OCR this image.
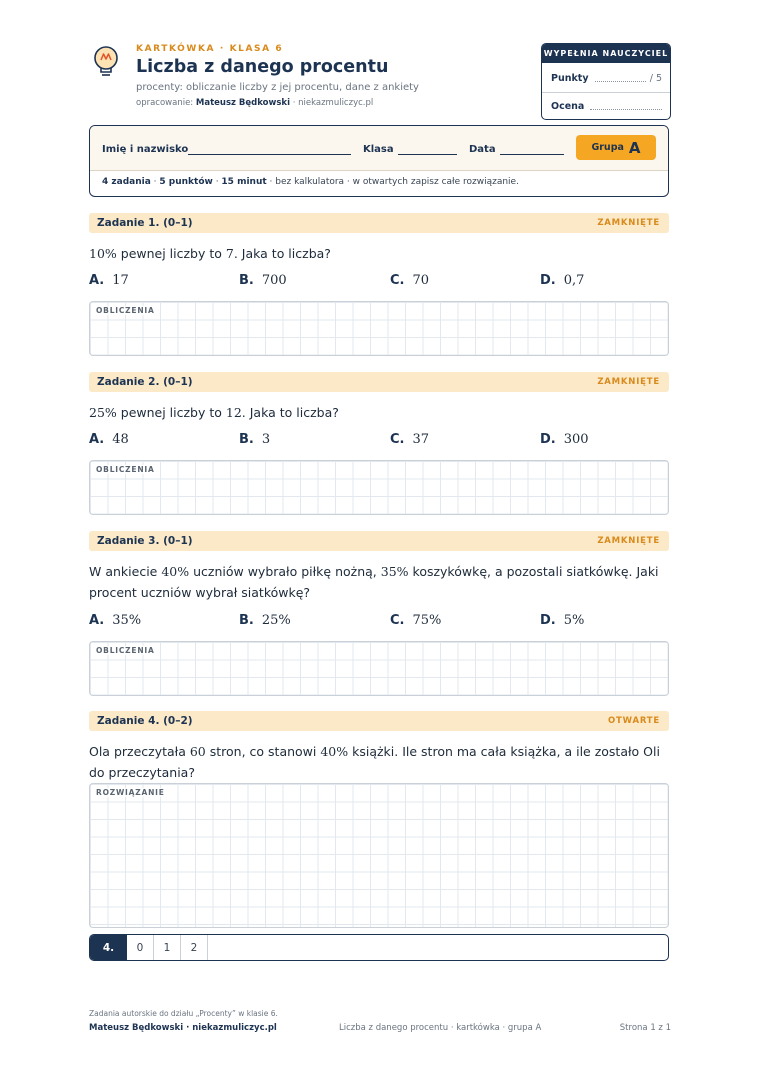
KARTKÓWKA · KLASA 6
Liczba z danego procentu
procenty: obliczanie liczby z jej procentu, dane z ankiety
opracowanie: Mateusz Będkowski · niekazmuliczyc.pl
WYPEŁNIA NAUCZYCIEL
Punkty	/ 5
Ocena
Imię i nazwisko	Klasa	Data	Grupa A
4 zadania · 5 punktów · 15 minut · bez kalkulatora · w otwartych zapisz całe rozwiązanie.
Zadanie 1. (0–1)	ZAMKNIĘTE
10% pewnej liczby to 7. Jaka to liczba?
A. 17	B. 700	C. 70	D. 0,7
OBLICZENIA
Zadanie 2. (0–1)	ZAMKNIĘTE
25% pewnej liczby to 12. Jaka to liczba?
A. 48	B. 3	C. 37	D. 300
OBLICZENIA
Zadanie 3. (0–1)	ZAMKNIĘTE
W ankiecie 40% uczniów wybrało piłkę nożną, 35% koszykówkę, a pozostali siatkówkę. Jaki procent uczniów wybrał siatkówkę?
A. 35%	B. 25%	C. 75%	D. 5%
OBLICZENIA
Zadanie 4. (0–2)	OTWARTE
Ola przeczytała 60 stron, co stanowi 40% książki. Ile stron ma cała książka, a ile zostało Oli do przeczytania?
ROZWIĄZANIE
4.	0	1	2
Zadania autorskie do działu „Procenty” w klasie 6.
Mateusz Będkowski · niekazmuliczyc.pl	Liczba z danego procentu · kartkówka · grupa A	Strona 1 z 1
